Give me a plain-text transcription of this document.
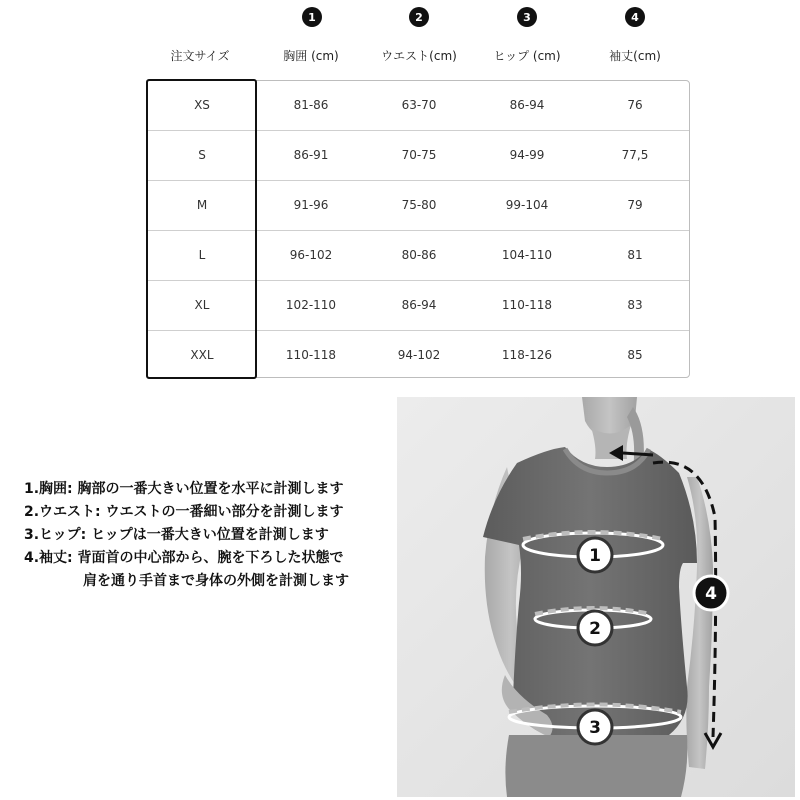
1	2	3	4
注文サイズ	胸囲 (cm)	ウエスト(cm)	ヒップ (cm)	袖丈(cm)
XS	81-86	63-70	86-94	76
S	86-91	70-75	94-99	77,5
M	91-96	75-80	99-104	79
L	96-102	80-86	104-110	81
XL	102-110	86-94	110-118	83
XXL	110-118	94-102	118-126	85
1.胸囲: 胸部の一番大きい位置を水平に計測します
2.ウエスト: ウエストの一番細い部分を計測します
3.ヒップ: ヒップは一番大きい位置を計測します
4.袖丈: 背面首の中心部から、腕を下ろした状態で
肩を通り手首まで身体の外側を計測します
1
2
3
4
